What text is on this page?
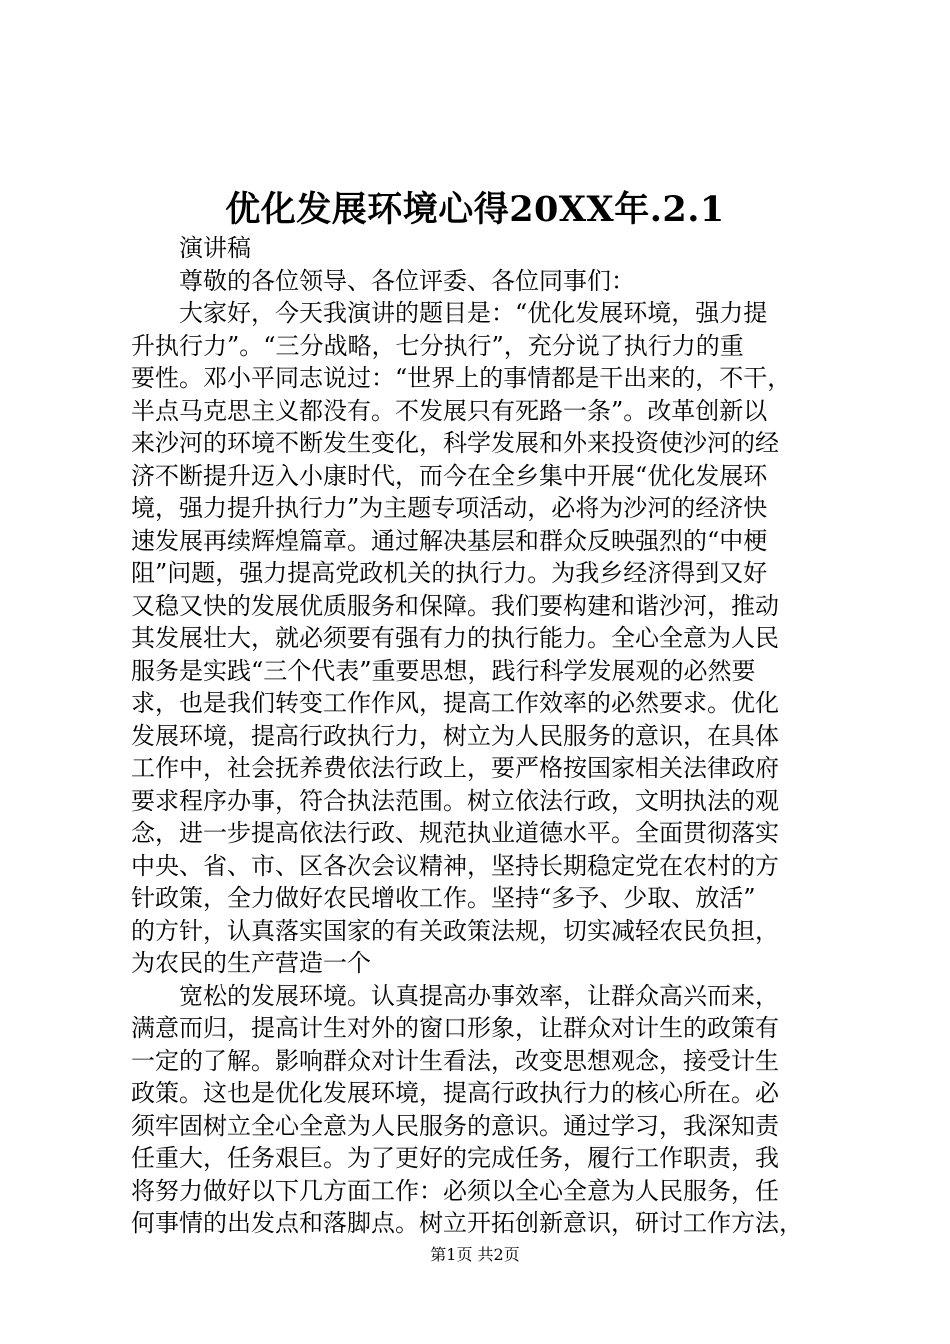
优化发展环境心得20XX年.2.1
演讲稿
尊敬的各位领导、各位评委、各位同事们：
大家好，今天我演讲的题目是：“优化发展环境，强力提
升执行力”。“三分战略，七分执行”，充分说了执行力的重
要性。邓小平同志说过：“世界上的事情都是干出来的，不干，
半点马克思主义都没有。不发展只有死路一条”。改革创新以
来沙河的环境不断发生变化，科学发展和外来投资使沙河的经
济不断提升迈入小康时代，而今在全乡集中开展“优化发展环
境，强力提升执行力”为主题专项活动，必将为沙河的经济快
速发展再续辉煌篇章。通过解决基层和群众反映强烈的“中梗
阻”问题，强力提高党政机关的执行力。为我乡经济得到又好
又稳又快的发展优质服务和保障。我们要构建和谐沙河，推动
其发展壮大，就必须要有强有力的执行能力。全心全意为人民
服务是实践“三个代表”重要思想，践行科学发展观的必然要
求，也是我们转变工作作风，提高工作效率的必然要求。优化
发展环境，提高行政执行力，树立为人民服务的意识，在具体
工作中，社会抚养费依法行政上，要严格按国家相关法律政府
要求程序办事，符合执法范围。树立依法行政，文明执法的观
念，进一步提高依法行政、规范执业道德水平。全面贯彻落实
中央、省、市、区各次会议精神，坚持长期稳定党在农村的方
针政策，全力做好农民增收工作。坚持“多予、少取、放活”
的方针，认真落实国家的有关政策法规，切实减轻农民负担，
为农民的生产营造一个
宽松的发展环境。认真提高办事效率，让群众高兴而来，
满意而归，提高计生对外的窗口形象，让群众对计生的政策有
一定的了解。影响群众对计生看法，改变思想观念，接受计生
政策。这也是优化发展环境，提高行政执行力的核心所在。必
须牢固树立全心全意为人民服务的意识。通过学习，我深知责
任重大，任务艰巨。为了更好的完成任务，履行工作职责，我
将努力做好以下几方面工作：必须以全心全意为人民服务，任
何事情的出发点和落脚点。树立开拓创新意识，研讨工作方法，
第1页 共2页
